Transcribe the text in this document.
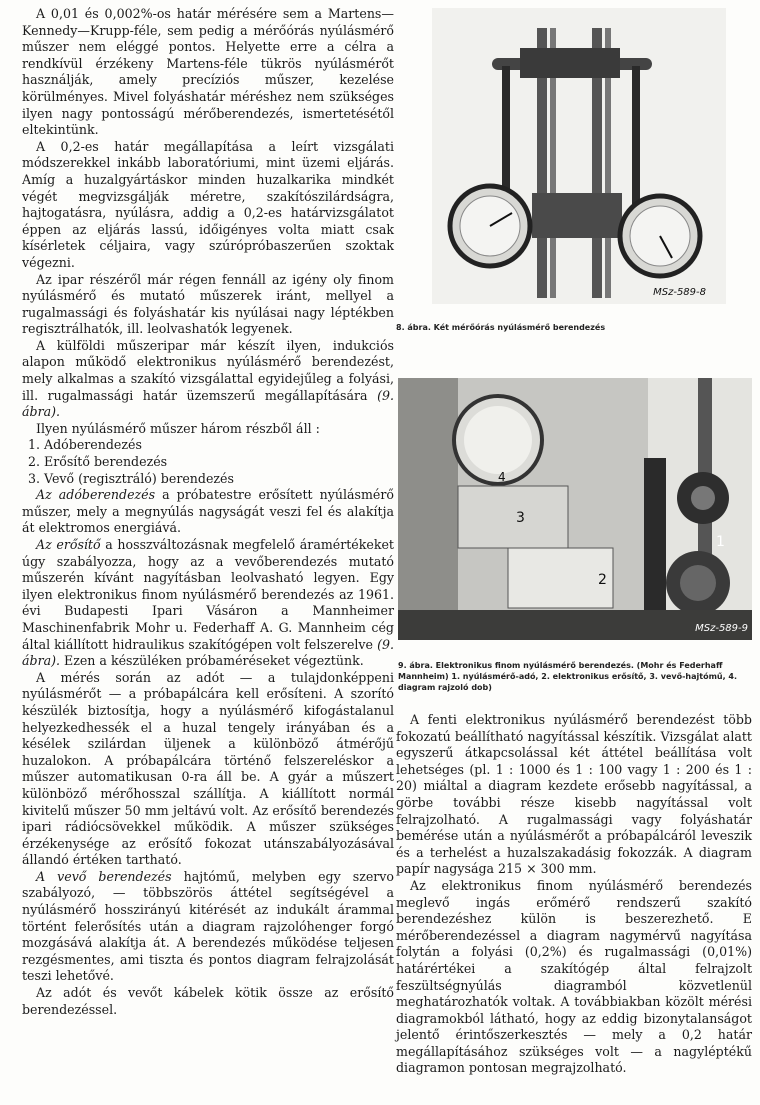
A 0,01 és 0,002%-os határ mérésére sem a Martens—Kennedy—Krupp-féle, sem pedig a mérőórás nyúlásmérő műszer nem eléggé pontos. Helyette erre a célra a rendkívül érzékeny Martens-féle tükrös nyúlásmérőt használják, amely precíziós műszer, kezelése körülményes. Mivel folyáshatár méréshez nem szükséges ilyen nagy pontosságú mérőberendezés, ismertetésétől eltekintünk.

A 0,2-es határ megállapítása a leírt vizsgálati módszerekkel inkább laboratóriumi, mint üzemi eljárás. Amíg a huzalgyártáskor minden huzalkarika mindkét végét megvizsgálják méretre, szakítószilárdságra, hajtogatásra, nyúlásra, addig a 0,2-es határvizsgálatot éppen az eljárás lassú, időigényes volta miatt csak kísérletek céljaira, vagy szúrópróbaszerűen szoktak végezni.

Az ipar részéről már régen fennáll az igény oly finom nyúlásmérő és mutató műszerek iránt, mellyel a rugalmassági és folyáshatár kis nyúlásai nagy léptékben regisztrálhatók, ill. leolvashatók legyenek.

A külföldi műszeripar már készít ilyen, indukciós alapon működő elektronikus nyúlásmérő berendezést, mely alkalmas a szakító vizsgálattal egyidejűleg a folyási, ill. rugalmassági határ üzemszerű megállapítására (9. ábra).

Ilyen nyúlásmérő műszer három részből áll :

1. Adóberendezés
2. Erősítő berendezés
3. Vevő (regisztráló) berendezés

Az adóberendezés a próbatestre erősített nyúlásmérő műszer, mely a megnyúlás nagyságát veszi fel és alakítja át elektromos energiává.

Az erősítő a hosszváltozásnak megfelelő áramértékeket úgy szabályozza, hogy az a vevőberendezés mutató műszerén kívánt nagyításban leolvasható legyen. Egy ilyen elektronikus finom nyúlásmérő berendezés az 1961. évi Budapesti Ipari Vásáron a Mannheimer Maschinenfabrik Mohr u. Federhaff A. G. Mannheim cég által kiállított hidraulikus szakítógépen volt felszerelve (9. ábra). Ezen a készüléken próbaméréseket végeztünk.

A mérés során az adót — a tulajdonképpeni nyúlásmérőt — a próbapálcára kell erősíteni. A szorító készülék biztosítja, hogy a nyúlásmérő kifogástalanul helyezkedhessék el a huzal tengely irányában és a késélek szilárdan üljenek a különböző átmérőjű huzalokon. A próbapálcára történő felszereléskor a műszer automatikusan 0-ra áll be. A gyár a műszert különböző mérőhosszal szállítja. A kiállított normál kivitelű műszer 50 mm jeltávú volt. Az erősítő berendezés ipari rádiócsövekkel működik. A műszer szükséges érzékenysége az erősítő fokozat utánszabályozásával állandó értéken tartható.

A vevő berendezés hajtómű, melyben egy szervo szabályozó, — többszörös áttétel segítségével a nyúlásmérő hosszirányú kitérését az indukált árammal történt felerősítés után a diagram rajzolóhenger forgó mozgásává alakítja át. A berendezés működése teljesen rezgésmentes, ami tiszta és pontos diagram felrajzolását teszi lehetővé.

Az adót és vevőt kábelek kötik össze az erősítő berendezéssel.

MSz-589-8
8. ábra. Két mérőórás nyúlásmérő berendezés
3
2
1
4
MSz-589-9
9. ábra. Elektronikus finom nyúlásmérő berendezés. (Mohr és Federhaff Mannheim) 1. nyúlásmérő-adó, 2. elektronikus erősítő, 3. vevő-hajtómű, 4. diagram rajzoló dob)

A fenti elektronikus nyúlásmérő berendezést több fokozatú beállítható nagyítással készítik. Vizsgálat alatt egyszerű átkapcsolással két áttétel beállítása volt lehetséges (pl. 1 : 1000 és 1 : 100 vagy 1 : 200 és 1 : 20) miáltal a diagram kezdete erősebb nagyítással, a görbe további része kisebb nagyítással volt felrajzolható. A rugalmassági vagy folyáshatár bemérése után a nyúlásmérőt a próbapálcáról leveszik és a terhelést a huzalszakadásig fokozzák. A diagram papír nagysága 215 × 300 mm.

Az elektronikus finom nyúlásmérő berendezés meglevő ingás erőmérő rendszerű szakító berendezéshez külön is beszerezhető. E mérőberendezéssel a diagram nagymérvű nagyítása folytán a folyási (0,2%) és rugalmassági (0,01%) határértékei a szakítógép által felrajzolt feszültségnyúlás diagramból közvetlenül meghatározhatók voltak. A továbbiakban közölt mérési diagramokból látható, hogy az eddig bizonytalanságot jelentő érintőszerkesztés — mely a 0,2 határ megállapításához szükséges volt — a nagyléptékű diagramon pontosan megrajzolható.
